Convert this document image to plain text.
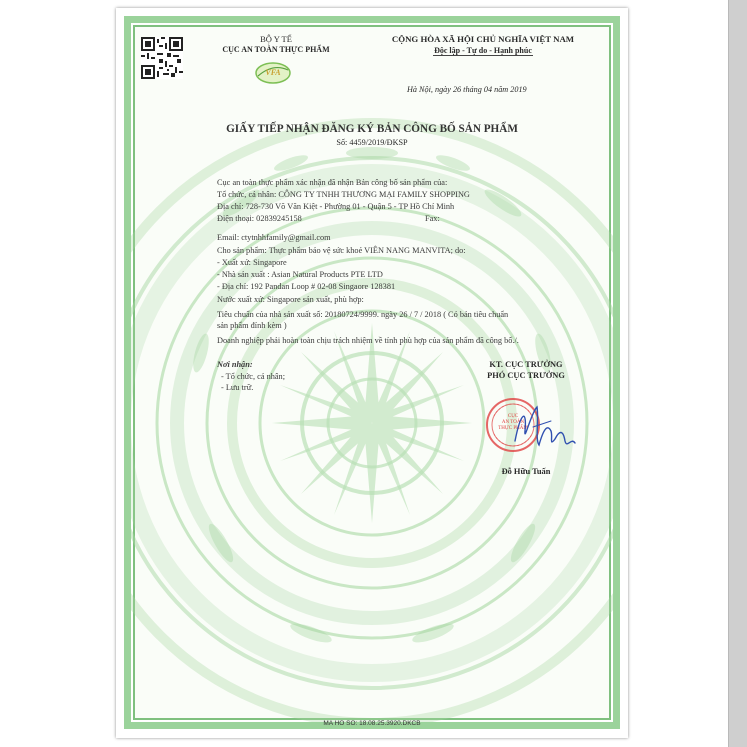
BỘ Y TẾ
CỤC AN TOÀN THỰC PHẨM
VFA
CỘNG HÒA XÃ HỘI CHỦ NGHĨA VIỆT NAM
Độc lập - Tự do - Hạnh phúc
Hà Nội, ngày 26 tháng 04 năm 2019
GIẤY TIẾP NHẬN ĐĂNG KÝ BẢN CÔNG BỐ SẢN PHẨM
Số: 4459/2019/ĐKSP
Cục an toàn thực phẩm xác nhận đã nhận Bản công bố sản phẩm của:
Tổ chức, cá nhân: CÔNG TY TNHH THƯƠNG MẠI FAMILY SHOPPING
Địa chỉ: 728-730 Võ Văn Kiệt - Phường 01 - Quận 5 - TP Hồ Chí Minh
Điện thoại: 02839245158	Fax:
Email: ctytnhhfamily@gmail.com
Cho sản phẩm: Thực phẩm bảo vệ sức khoẻ VIÊN NANG MANVITA; do:
- Xuất xứ: Singapore
- Nhà sản xuất : Asian Natural Products PTE LTD
- Địa chỉ: 192 Pandan Loop # 02-08 Singaore 128381
Nước xuất xứ: Singapore sản xuất, phù hợp:
Tiêu chuẩn của nhà sản xuất số: 20180724/9999. ngày 26 / 7 / 2018 ( Có bản tiêu chuẩn
sản phẩm đính kèm )
Doanh nghiệp phải hoàn toàn chịu trách nhiệm về tính phù hợp của sản phẩm đã công bố./.
Nơi nhận:
- Tổ chức, cá nhân;
- Lưu trữ.
KT. CỤC TRƯỞNG
PHÓ CỤC TRƯỞNG
CỤC
AN TOÀN
THỰC PHẨM
Đỗ Hữu Tuấn
MA HO SO: 18.08.25.3920.DKCB
